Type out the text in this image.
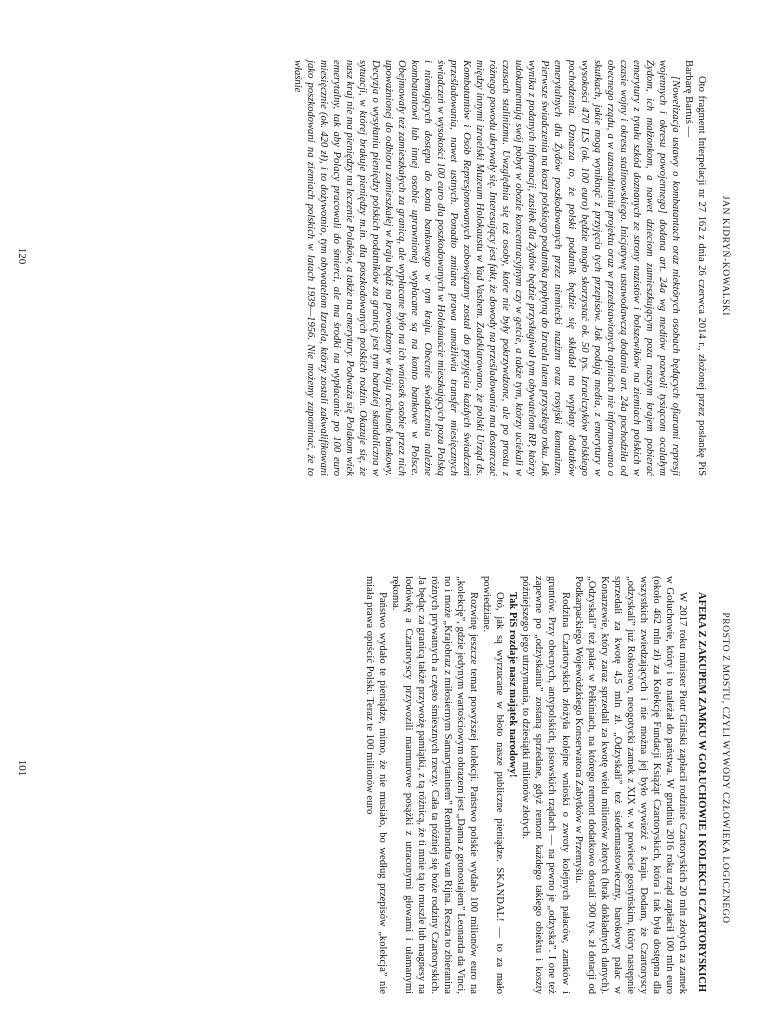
JAN KIDRYŃ-KOWALSKI

Oto fragment Interpelacji nr 27 162 z dnia 26 czerwca 2014 r., złożonej przez posłankę PiS Barbarę Bartuś —

[Nowelizacja ustawy o kombatantach oraz niektórych osobach będących ofiarami represji wojennych i okresu powojennego] dodana art. 24a wg mediów pozwoli tysiącom ocalałym Żydom, ich małżonkom, a nawet dzieciom zamieszkującym poza naszym krajem pobierać emerytury z tytułu szkód doznanych ze strony nazistów i bolszewików na ziemiach polskich w czasie wojny i okresu stalinowskiego. Inicjatywę ustawodawczą dodania art. 24a pochodziła od obecnego rządu, a w uzasadnieniu projektu oraz w przedstawionych opiniach nie informowano o skutkach, jakie mogą wyniknąć z przyjęcia tych przepisów. Jak podają media, z emerytury w wysokości 470 ILS (ok. 100 euro) będzie mogło skorzystać ok. 50 tys. Izraelczyków polskiego pochodzenia. Oznacza to, że polski podatnik będzie się składał na wypłaty dodatków emerytalnych dla Żydów poszkodowanych przez niemiecki nazizm oraz rosyjski komunizm. Pierwsze świadczenia na koszt polskiego podatnika popłyną do Izraela latem przyszłego roku. Jak wynika z podanych informacji, zasiłek dla Żydów będzie przysługiwał tym obywatelom RP, którzy udokumentują swój pobyt w obozie koncentracyjnym czy w getcie, a także tym, którzy uciekali w czasach stalinizmu. Uwzględnia się też osoby, które nie były pokrzywdzone, ale po prostu z różnego powodu ukrywały się. Interesujący jest fakt, że dowody na prześladowania ma dostarczać między innymi izraelski Muzeum Holokaustu w Yad Vashem. Zadeklarowano, że polski Urząd ds. Kombatantów i Osób Represjonowanych zobowiązany został do przyjęcia każdych świadczeń prześladowania, nawet ustnych. Ponadto zmiana prawa umożliwia transfer miesięcznych świadczeń w wysokości 100 euro dla poszkodowanych w Holokauście mieszkających poza Polską i niemających dostępu do konta bankowego w tym kraju. Obecnie świadczenia należne kombatantowi lub innej osobie uprawnionej wypłacane są na konto bankowe w Polsce. Obejmowały też zamieszkałych za granicą, ale wypłacane było na ich wniosek osobie przez nich upoważnionej do odbioru zamieszkałej w kraju bądź na prowadzony w kraju rachunek bankowy. Decyzja o wysyłaniu pieniędzy polskich podatników za granicę jest tym bardziej skandaliczna w sytuacji, w której brakuje pieniędzy m.in. dla poszkodowanych polskich rodzin. Okazuje się, że nasz kraj nie ma pieniędzy na leczenie Polaków, a także na emerytury. Podważa się Polakom wiek emerytalny, tak aby Polacy pracowali do śmierci, ale ma środki na wypłacanie po 100 euro miesięcznie (ok. 420 zł), i to dożywotnio, tym obywatelom Izraela, którzy zostali zakwalifikowani jako poszkodowani na ziemiach polskich w latach 1939—1956. Nie możemy zapominać, że to właśnie

120
PROSTO Z MOSTU, CZYLI WYWODY CZŁOWIEKA LOGICZNEGO

AFERA Z ZAKUPEM ZAMKU W GOŁUCHOWIE I KOLEKCJI CZARTORYSKICH

W 2017 roku minister Piotr Gliński zapłacił rodzinie Czartoryskich 20 mln złotych za zamek w Gołuchowie, który i to należał do państwa. W grudniu 2016 roku rząd zapłacił 100 mln euro (około 462 mln zł) za Kolekcję Fundacji Książąt Czartoryskich, która i tak była dostępna dla wszystkich zwiedzających i nie można jej było wywieźć z kraju. Dodam, że Czartoryscy „odzyskali” już Rokosowo, neogotycki zamek z XIX w. w powiecie gostyńskim, który następnie sprzedali za kwotę 4,5 mln zł. „Odzyskali” też siedemnastowieczny, barokowy pałac w Konarzewie, który zaraz sprzedali za kwotę wielu milionów złotych (brak dokładnych danych). „Odzyskali” też pałac w Pełkiniach, na którego remont dodatkowo dostali 300 tys. zł dotacji od Podkarpackiego Wojewódzkiego Konserwatora Zabytków w Przemyślu.

Rodzina Czartoryskich złożyła kolejne wnioski o zwroty kolejnych pałaców, zamków i gruntów. Przy obecnych, antypolskich, pisowskich rządach — na pewno je „odzyska”. I one też zapewne po „odzyskaniu” zostaną sprzedane, gdyż remont każdego takiego obiektu i koszty późniejszego jego utrzymania, to dziesiątki milionów złotych.

Tak PiS rozdaje nasz majątek narodowy!

Otó, jak są wyrzucane w błoto nasze publiczne pieniądze. SKANDAL! — to za mało powiedziane.

Rozwinę jeszcze temat powyższej kolekcji. Państwo polskie wydało 100 milionów euro na „kolekcję”, gdzie jedynym wartościowym obrazem jest „Dama z gronostajem” Leonarda da Vinci, no i może „Krajobraz z miłosiernym Samarytaninem” Rembrandta van Rijna. Reszta to zbieranina różnych prywatnych a często śmiesznych rzeczy. Cała ta później się boże rodziny Czartoryskich. Ja będąc za granicą także przywożę pamiątki, z tą różnicą, że ti mnie tą to muszle lub magnesy na lodówkę a Czartoryscy przywozili marmurowe posążki z utraconymi głowami i ułamanymi rękoma.

Państwo wydało te pieniądze, mimo, że nie musiało, bo według przepisów „kolekcja” nie miała prawa opuścić Polski. Teraz te 100 milionów euro

101
